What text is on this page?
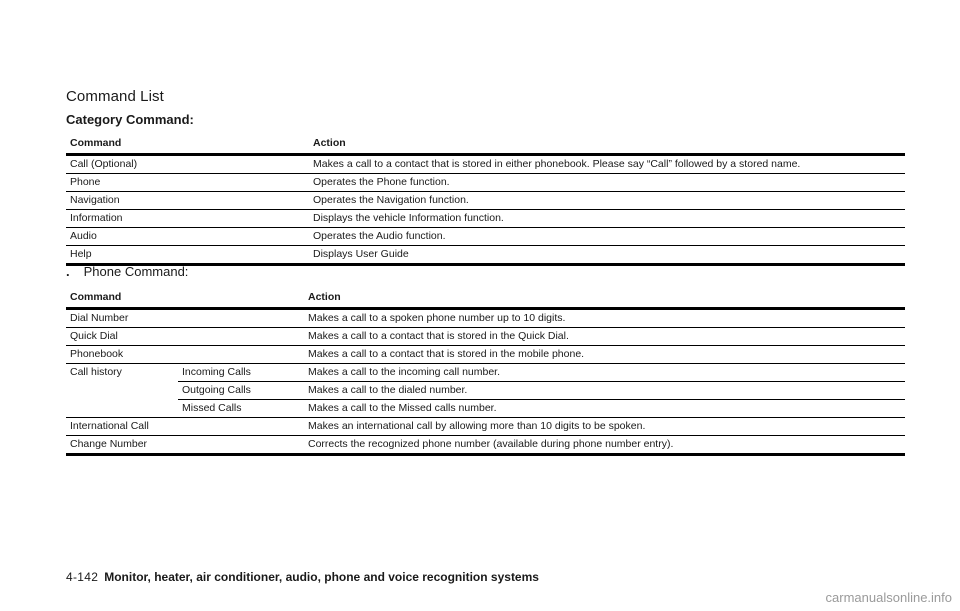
Command List
Category Command:
Command	Action
Call (Optional)	Makes a call to a contact that is stored in either phonebook. Please say “Call” followed by a stored name.
Phone	Operates the Phone function.
Navigation	Operates the Navigation function.
Information	Displays the vehicle Information function.
Audio	Operates the Audio function.
Help	Displays User Guide

. Phone Command:

Command		Action
Dial Number		Makes a call to a spoken phone number up to 10 digits.
Quick Dial		Makes a call to a contact that is stored in the Quick Dial.
Phonebook		Makes a call to a contact that is stored in the mobile phone.
Call history	Incoming Calls	Makes a call to the incoming call number.
	Outgoing Calls	Makes a call to the dialed number.
	Missed Calls	Makes a call to the Missed calls number.
International Call		Makes an international call by allowing more than 10 digits to be spoken.
Change Number		Corrects the recognized phone number (available during phone number entry).

4-142 Monitor, heater, air conditioner, audio, phone and voice recognition systems

carmanualsonline.info
